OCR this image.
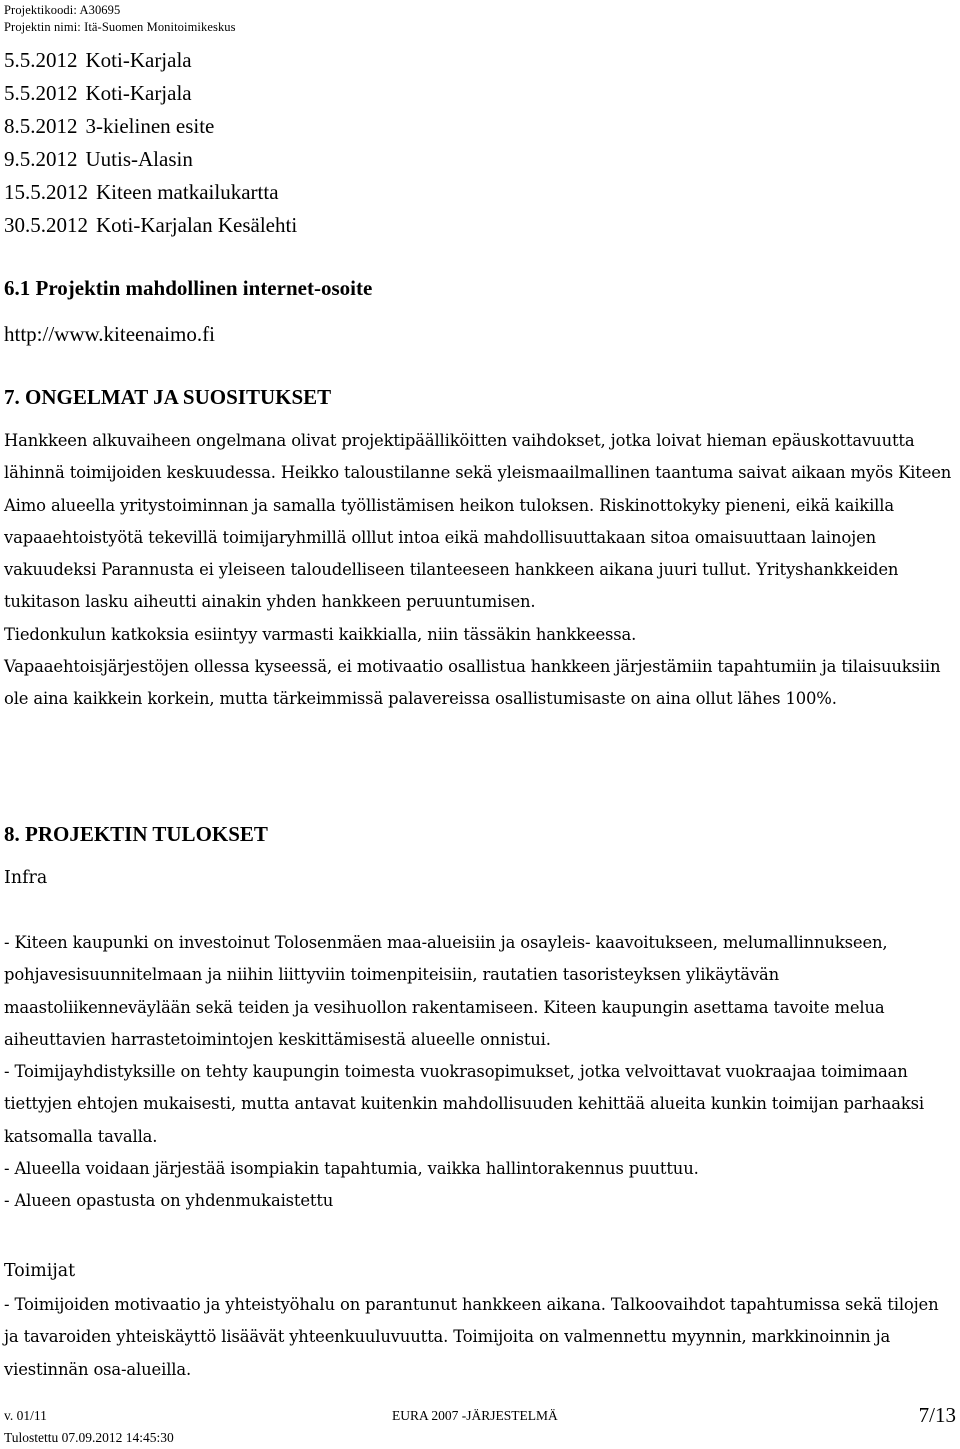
Projektikoodi: A30695
Projektin nimi: Itä-Suomen Monitoimikeskus
5.5.2012 Koti-Karjala
5.5.2012 Koti-Karjala
8.5.2012 3-kielinen esite
9.5.2012 Uutis-Alasin
15.5.2012 Kiteen matkailukartta
30.5.2012 Koti-Karjalan Kesälehti
6.1 Projektin mahdollinen internet-osoite
http://www.kiteenaimo.fi
7. ONGELMAT JA SUOSITUKSET

Hankkeen alkuvaiheen ongelmana olivat projektipäälliköitten vaihdokset, jotka loivat hieman epäuskottavuutta lähinnä toimijoiden keskuudessa. Heikko taloustilanne sekä yleismaailmallinen taantuma saivat aikaan myös Kiteen Aimo alueella yritystoiminnan ja samalla työllistämisen heikon tuloksen. Riskinottokyky pieneni, eikä kaikilla vapaaehtoistyötä tekevillä toimijaryhmillä olllut intoa eikä mahdollisuuttakaan sitoa omaisuuttaan lainojen vakuudeksi Parannusta ei yleiseen taloudelliseen tilanteeseen hankkeen aikana juuri tullut. Yrityshankkeiden tukitason lasku aiheutti ainakin yhden hankkeen peruuntumisen.

Tiedonkulun katkoksia esiintyy varmasti kaikkialla, niin tässäkin hankkeessa.

Vapaaehtoisjärjestöjen ollessa kyseessä, ei motivaatio osallistua hankkeen järjestämiin tapahtumiin ja tilaisuuksiin ole aina kaikkein korkein, mutta tärkeimmissä palavereissa osallistumisaste on aina ollut lähes 100%.

8. PROJEKTIN TULOKSET
Infra

- Kiteen kaupunki on investoinut Tolosenmäen maa-alueisiin ja osayleis- kaavoitukseen, melumallinnukseen, pohjavesisuunnitelmaan ja niihin liittyviin toimenpiteisiin, rautatien tasoristeyksen ylikäytävän maastoliikenneväylään sekä teiden ja vesihuollon rakentamiseen. Kiteen kaupungin asettama tavoite melua aiheuttavien harrastetoimintojen keskittämisestä alueelle onnistui.

- Toimijayhdistyksille on tehty kaupungin toimesta vuokrasopimukset, jotka velvoittavat vuokraajaa toimimaan tiettyjen ehtojen mukaisesti, mutta antavat kuitenkin mahdollisuuden kehittää alueita kunkin toimijan parhaaksi katsomalla tavalla.

- Alueella voidaan järjestää isompiakin tapahtumia, vaikka hallintorakennus puuttuu.

- Alueen opastusta on yhdenmukaistettu

Toimijat

- Toimijoiden motivaatio ja yhteistyöhalu on parantunut hankkeen aikana. Talkoovaihdot tapahtumissa sekä tilojen ja tavaroiden yhteiskäyttö lisäävät yhteenkuuluvuutta. Toimijoita on valmennettu myynnin, markkinoinnin ja viestinnän osa-alueilla.

v. 01/11
Tulostettu 07.09.2012 14:45:30
EURA 2007 -JÄRJESTELMÄ	7/13
